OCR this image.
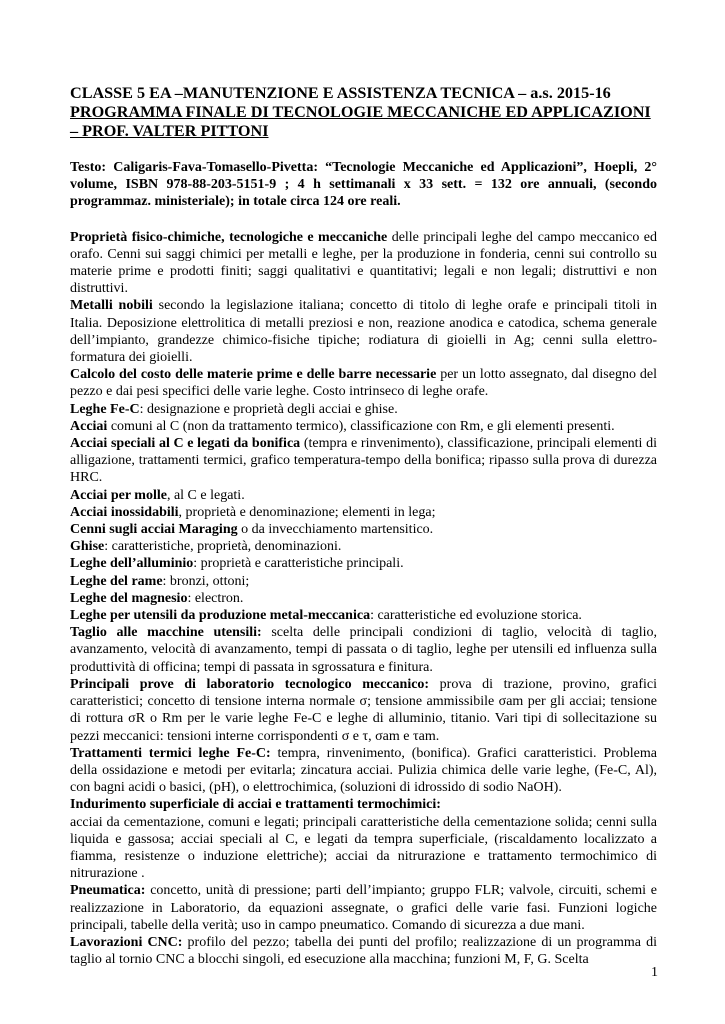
CLASSE 5 EA –MANUTENZIONE E ASSISTENZA TECNICA – a.s. 2015-16
PROGRAMMA FINALE DI TECNOLOGIE MECCANICHE ED APPLICAZIONI – PROF. VALTER PITTONI
Testo: Caligaris-Fava-Tomasello-Pivetta: “Tecnologie Meccaniche ed Applicazioni”, Hoepli, 2° volume, ISBN 978-88-203-5151-9 ; 4 h settimanali x 33 sett. = 132 ore annuali, (secondo programmaz. ministeriale); in totale circa 124 ore reali.

Proprietà fisico-chimiche, tecnologiche e meccaniche delle principali leghe del campo meccanico ed orafo. Cenni sui saggi chimici per metalli e leghe, per la produzione in fonderia, cenni sui controllo su materie prime e prodotti finiti; saggi qualitativi e quantitativi; legali e non legali; distruttivi e non distruttivi.

Metalli nobili secondo la legislazione italiana; concetto di titolo di leghe orafe e principali titoli in Italia. Deposizione elettrolitica di metalli preziosi e non, reazione anodica e catodica, schema generale dell’impianto, grandezze chimico-fisiche tipiche; rodiatura di gioielli in Ag; cenni sulla elettro-formatura dei gioielli.

Calcolo del costo delle materie prime e delle barre necessarie per un lotto assegnato, dal disegno del pezzo e dai pesi specifici delle varie leghe. Costo intrinseco di leghe orafe.

Leghe Fe-C: designazione e proprietà degli acciai e ghise.

Acciai comuni al C (non da trattamento termico), classificazione con Rm, e gli elementi presenti.

Acciai speciali al C e legati da bonifica (tempra e rinvenimento), classificazione, principali elementi di alligazione, trattamenti termici, grafico temperatura-tempo della bonifica; ripasso sulla prova di durezza HRC.

Acciai per molle, al C e legati.

Acciai inossidabili, proprietà e denominazione; elementi in lega;

Cenni sugli acciai Maraging o da invecchiamento martensitico.

Ghise: caratteristiche, proprietà, denominazioni.

Leghe dell’alluminio: proprietà e caratteristiche principali.

Leghe del rame: bronzi, ottoni;

Leghe del magnesio: electron.

Leghe per utensili da produzione metal-meccanica: caratteristiche ed evoluzione storica.

Taglio alle macchine utensili: scelta delle principali condizioni di taglio, velocità di taglio, avanzamento, velocità di avanzamento, tempi di passata o di taglio, leghe per utensili ed influenza sulla produttività di officina; tempi di passata in sgrossatura e finitura.

Principali prove di laboratorio tecnologico meccanico: prova di trazione, provino, grafici caratteristici; concetto di tensione interna normale σ; tensione ammissibile σam per gli acciai; tensione di rottura σR o Rm per le varie leghe Fe-C e leghe di alluminio, titanio. Vari tipi di sollecitazione su pezzi meccanici: tensioni interne corrispondenti σ e τ, σam e τam.

Trattamenti termici leghe Fe-C: tempra, rinvenimento, (bonifica). Grafici caratteristici. Problema della ossidazione e metodi per evitarla; zincatura acciai. Pulizia chimica delle varie leghe, (Fe-C, Al), con bagni acidi o basici, (pH), o elettrochimica, (soluzioni di idrossido di sodio NaOH).

Indurimento superficiale di acciai e trattamenti termochimici:

acciai da cementazione, comuni e legati; principali caratteristiche della cementazione solida; cenni sulla liquida e gassosa; acciai speciali al C, e legati da tempra superficiale, (riscaldamento localizzato a fiamma, resistenze o induzione elettriche); acciai da nitrurazione e trattamento termochimico di nitrurazione .

Pneumatica: concetto, unità di pressione; parti dell’impianto; gruppo FLR; valvole, circuiti, schemi e realizzazione in Laboratorio, da equazioni assegnate, o grafici delle varie fasi. Funzioni logiche principali, tabelle della verità; uso in campo pneumatico. Comando di sicurezza a due mani.

Lavorazioni CNC: profilo del pezzo; tabella dei punti del profilo; realizzazione di un programma di taglio al tornio CNC a blocchi singoli, ed esecuzione alla macchina; funzioni M, F, G. Scelta

1
